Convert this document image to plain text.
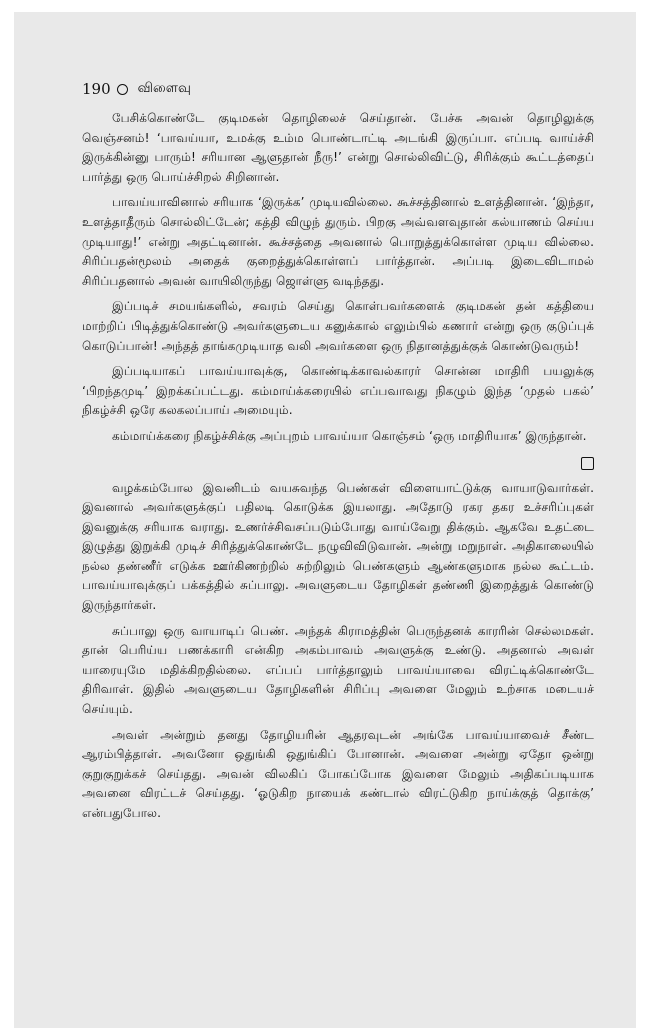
190 விளைவு

பேசிக்கொண்டே குடிமகன் தொழிலைச் செய்தான். பேச்சு அவன் தொழிலுக்கு வெஞ்சனம்! ‘பாவய்யா, உமக்கு உம்ம பொண்டாட்டி அடங்கி இருப்பா. எப்படி வாய்ச்சி இருக்கின்னு பாரும்! சரியான ஆளுதான் நீரு!’ என்று சொல்லிவிட்டு, சிரிக்கும் கூட்டத்தைப் பார்த்து ஒரு பொய்ச்சிறல் சிறினான்.

பாவய்யாவினால் சரியாக ‘இருக்க’ முடியவில்லை. கூச்சத்தினால் உளத்தினான். ‘இந்தா, உளத்தாதீரும் சொல்லிட்டேன்; கத்தி விழுந் துரும். பிறகு அவ்வளவுதான் கல்யாணம் செய்ய முடியாது!’ என்று அதட்டினான். கூச்சத்தை அவனால் பொறுத்துக்கொள்ள முடிய வில்லை. சிரிப்பதன்மூலம் அதைக் குறைத்துக்கொள்ளப் பார்த்தான். அப்படி இடைவிடாமல் சிரிப்பதனால் அவன் வாயிலிருந்து ஜொள்ளு வடிந்தது.

இப்படிச் சமயங்களில், சவரம் செய்து கொள்பவர்களைக் குடிமகன் தன் கத்தியை மாற்றிப் பிடித்துக்கொண்டு அவர்களுடைய கனுக்கால் எலும்பில் கணார் என்று ஒரு குடுப்புக் கொடுப்பான்! அந்தத் தாங்கமுடியாத வலி அவர்களை ஒரு நிதானத்துக்குக் கொண்டுவரும்!

இப்படியாகப் பாவய்யாவுக்கு, கொண்டிக்காவல்காரர் சொன்ன மாதிரி பயலுக்கு ‘பிறந்தமுடி’ இறக்கப்பட்டது. கம்மாய்க்கரையில் எப்பவாவது நிகழும் இந்த ‘முதல் பகல்’ நிகழ்ச்சி ஒரே கலகலப்பாய் அமையும்.

கம்மாய்க்கரை நிகழ்ச்சிக்கு அப்புறம் பாவய்யா கொஞ்சம் ‘ஒரு மாதிரியாக’ இருந்தான்.

வழக்கம்போல இவனிடம் வயசுவந்த பெண்கள் விளையாட்டுக்கு வாயாடுவார்கள். இவனால் அவர்களுக்குப் பதிலடி கொடுக்க இயலாது. அதோடு ரகர தகர உச்சரிப்புகள் இவனுக்கு சரியாக வராது. உணர்ச்சிவசப்படும்போது வாய்வேறு திக்கும். ஆகவே உதட்டை இழுத்து இறுக்கி முடிச் சிரித்துக்கொண்டே நழுவிவிடுவான். அன்று மறுநாள். அதிகாலையில் நல்ல தண்ணீர் எடுக்க ஊர்கிணற்றில் சுற்றிலும் பெண்களும் ஆண்களுமாக நல்ல கூட்டம். பாவய்யாவுக்குப் பக்கத்தில் சுப்பாலு. அவளுடைய தோழிகள் தண்ணி இறைத்துக் கொண்டு இருந்தார்கள்.

சுப்பாலு ஒரு வாயாடிப் பெண். அந்தக் கிராமத்தின் பெருந்தனக் காரரின் செல்லமகள். தான் பெரிய்ய பணக்காரி என்கிற அகம்பாவம் அவளுக்கு உண்டு. அதனால் அவள் யாரையுமே மதிக்கிறதில்லை. எப்பப் பார்த்தாலும் பாவய்யாவை விரட்டிக்கொண்டே திரிவாள். இதில் அவளுடைய தோழிகளின் சிரிப்பு அவளை மேலும் உற்சாக மடையச் செய்யும்.

அவள் அன்றும் தனது தோழியரின் ஆதரவுடன் அங்கே பாவய்யாவைச் சீண்ட ஆரம்பித்தாள். அவனோ ஒதுங்கி ஒதுங்கிப் போனான். அவளை அன்று ஏதோ ஒன்று குறுகுறுக்கச் செய்தது. அவன் விலகிப் போகப்போக இவளை மேலும் அதிகப்படியாக அவனை விரட்டச் செய்தது. ‘ஓடுகிற நாயைக் கண்டால் விரட்டுகிற நாய்க்குத் தொக்கு’ என்பதுபோல.
